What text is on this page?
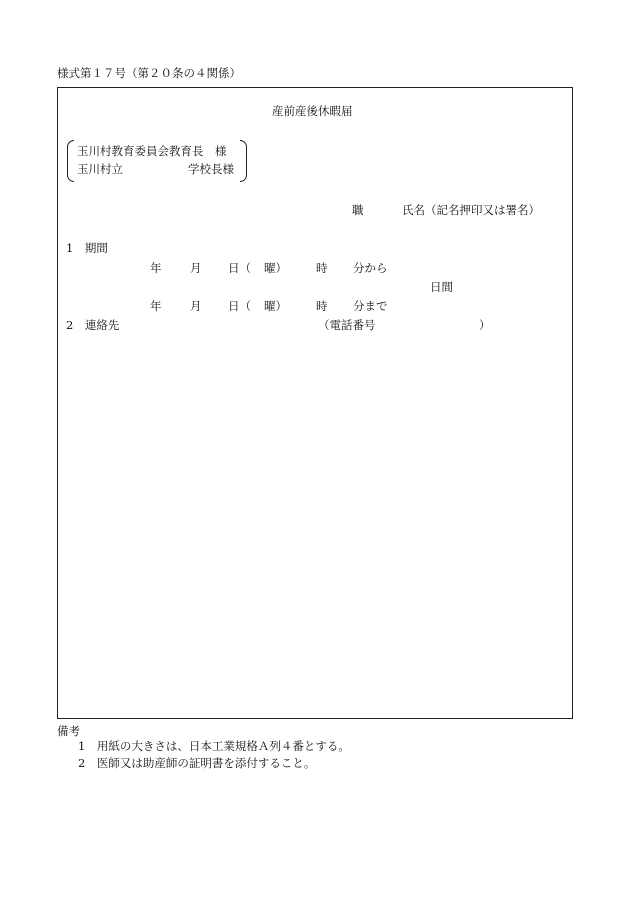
様式第１７号（第２０条の４関係）
産前産後休暇届
玉川村教育委員会教育長　様
玉川村立	学校長様
職	氏名（記名押印又は署名）
1　期間
年 月 日（ 曜）	時 分から
日間
年 月 日（ 曜）	時 分まで
2　連絡先	（電話番号	）
備考
1　用紙の大きさは、日本工業規格Ａ列４番とする。
2　医師又は助産師の証明書を添付すること。
